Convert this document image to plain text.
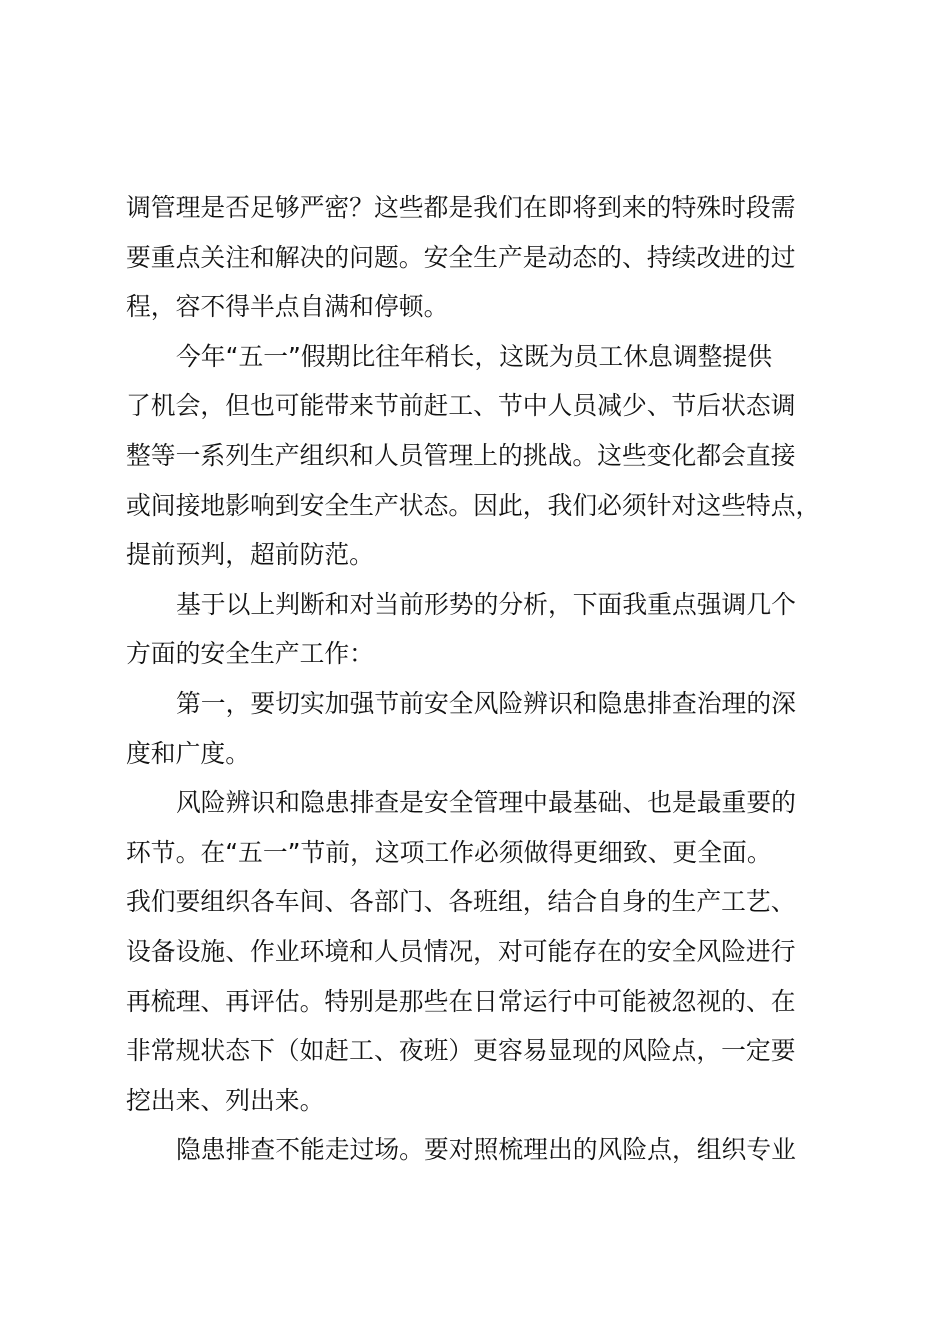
调管理是否足够严密？这些都是我们在即将到来的特殊时段需
要重点关注和解决的问题。安全生产是动态的、持续改进的过
程，容不得半点自满和停顿。
今年“五一”假期比往年稍长，这既为员工休息调整提供
了机会，但也可能带来节前赶工、节中人员减少、节后状态调
整等一系列生产组织和人员管理上的挑战。这些变化都会直接
或间接地影响到安全生产状态。因此，我们必须针对这些特点，
提前预判，超前防范。
基于以上判断和对当前形势的分析，下面我重点强调几个
方面的安全生产工作：
第一，要切实加强节前安全风险辨识和隐患排查治理的深
度和广度。
风险辨识和隐患排查是安全管理中最基础、也是最重要的
环节。在“五一”节前，这项工作必须做得更细致、更全面。
我们要组织各车间、各部门、各班组，结合自身的生产工艺、
设备设施、作业环境和人员情况，对可能存在的安全风险进行
再梳理、再评估。特别是那些在日常运行中可能被忽视的、在
非常规状态下（如赶工、夜班）更容易显现的风险点，一定要
挖出来、列出来。
隐患排查不能走过场。要对照梳理出的风险点，组织专业
